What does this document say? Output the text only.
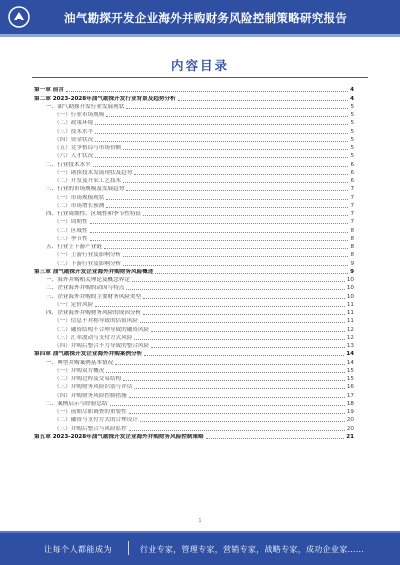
油气勘探开发企业海外并购财务风险控制策略研究报告
内容目录
第一章 前言	4
第二章 2023-2028年油气勘探开发行业背景及趋势分析	4
一、油气勘探开发行业发展现状	5
（一）行业市场规模	5
（二）政策环境	5
（三）技术水平	5
（四）资金状况	5
（五）竞争格局与市场份额	5
（六）人才状况	5
二、行业技术水平	6
（一）勘探技术发展现状及趋势	6
（二）开发及开采工艺技术	6
三、行业的市场规模及发展趋势	7
（一）市场规模现状	7
（二）市场增长预测	7
四、行业周期性、区域性和季节性特征	7
（一）周期性	7
（二）区域性	8
（三）季节性	8
五、行业上下游产业链	8
（一）上游行业及影响分析	8
（二）下游行业及影响分析	9
第三章 油气勘探开发企业海外并购财务风险概述	9
一、海外并购相关理论及概念界定	10
二、企业海外并购的动因与特点	10
三、企业海外并购的主要财务风险类型	10
（一）定价风险	11
四、企业海外并购财务风险的成因分析	11
（一）信息不对称导致的估值风险	11
（二）融资结构不合理导致的融资风险	12
（三）汇率波动与支付方式风险	12
（四）并购后整合不力导致的整合风险	13
第四章 油气勘探开发企业海外并购案例分析	14
一、典型并购案例基本情况	14
（一）并购双方概况	15
（二）并购过程及交易结构	15
（三）并购财务风险识别与评估	16
（四）并购财务风险控制措施	17
二、案例启示与经验总结	18
（一）前期尽职调查的重要性	19
（二）融资与支付方式的合理设计	20
（三）并购后整合与风险监控	20
第五章 2023-2028年油气勘探开发企业海外并购财务风险控制策略	21
1
让每个人都能成为	行业专家，管理专家，营销专家，战略专家，成功企业家……
